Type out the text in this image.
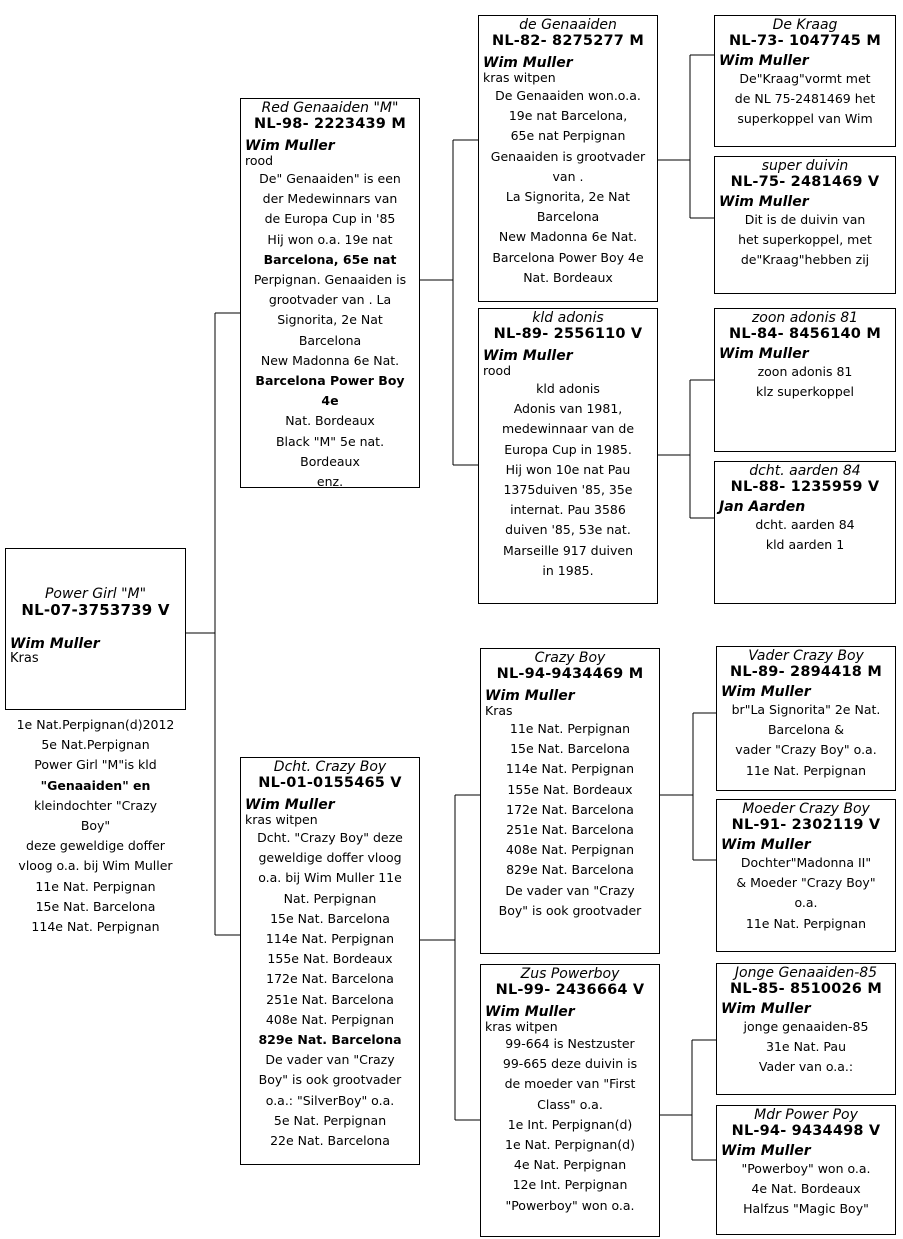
Power Girl "M"
NL-07-3753739 V
Wim Muller
Kras
1e Nat.Perpignan(d)2012
5e Nat.Perpignan
Power Girl "M"is kld
"Genaaiden" en
kleindochter "Crazy
Boy"
deze geweldige doffer
vloog o.a. bij Wim Muller
11e Nat. Perpignan
15e Nat. Barcelona
114e Nat. Perpignan
Red Genaaiden "M"
NL-98- 2223439 M
Wim Muller
rood
De" Genaaiden" is een
der Medewinnars van
de Europa Cup in '85
Hij won o.a. 19e nat
Barcelona, 65e nat
Perpignan. Genaaiden is
grootvader van . La
Signorita, 2e Nat
Barcelona
New Madonna 6e Nat.
Barcelona Power Boy 4e
Nat. Bordeaux
Black "M" 5e nat.
Bordeaux
enz.
Dcht. Crazy Boy
NL-01-0155465 V
Wim Muller
kras witpen
Dcht. "Crazy Boy" deze
geweldige doffer vloog
o.a. bij Wim Muller 11e
Nat. Perpignan
15e Nat. Barcelona
114e Nat. Perpignan
155e Nat. Bordeaux
172e Nat. Barcelona
251e Nat. Barcelona
408e Nat. Perpignan
829e Nat. Barcelona
De vader van "Crazy
Boy" is ook grootvader
o.a.: "SilverBoy" o.a.
5e Nat. Perpignan
22e Nat. Barcelona
de Genaaiden
NL-82- 8275277 M
Wim Muller
kras witpen
De Genaaiden won.o.a.
19e nat Barcelona,
65e nat Perpignan
Genaaiden is grootvader
van .
La Signorita, 2e Nat
Barcelona
New Madonna 6e Nat.
Barcelona Power Boy 4e
Nat. Bordeaux
kld adonis
NL-89- 2556110 V
Wim Muller
rood
kld adonis
Adonis van 1981,
medewinnaar van de
Europa Cup in 1985.
Hij won 10e nat Pau
1375duiven '85, 35e
internat. Pau 3586
duiven '85, 53e nat.
Marseille 917 duiven
in 1985.
Crazy Boy
NL-94-9434469 M
Wim Muller
Kras
11e Nat. Perpignan
15e Nat. Barcelona
114e Nat. Perpignan
155e Nat. Bordeaux
172e Nat. Barcelona
251e Nat. Barcelona
408e Nat. Perpignan
829e Nat. Barcelona
De vader van "Crazy
Boy" is ook grootvader
Zus Powerboy
NL-99- 2436664 V
Wim Muller
kras witpen
99-664 is Nestzuster
99-665 deze duivin is
de moeder van "First
Class" o.a.
1e Int. Perpignan(d)
1e Nat. Perpignan(d)
4e Nat. Perpignan
12e Int. Perpignan
"Powerboy" won o.a.
De Kraag
NL-73- 1047745 M
Wim Muller
De"Kraag"vormt met
de NL 75-2481469 het
superkoppel van Wim
super duivin
NL-75- 2481469 V
Wim Muller
Dit is de duivin van
het superkoppel, met
de"Kraag"hebben zij
zoon adonis 81
NL-84- 8456140 M
Wim Muller
zoon adonis 81
klz superkoppel
dcht. aarden 84
NL-88- 1235959 V
Jan Aarden
dcht. aarden 84
kld aarden 1
Vader Crazy Boy
NL-89- 2894418 M
Wim Muller
br"La Signorita" 2e Nat.
Barcelona &
vader "Crazy Boy" o.a.
11e Nat. Perpignan
Moeder Crazy Boy
NL-91- 2302119 V
Wim Muller
Dochter"Madonna II"
& Moeder "Crazy Boy"
o.a.
11e Nat. Perpignan
Jonge Genaaiden-85
NL-85- 8510026 M
Wim Muller
jonge genaaiden-85
31e Nat. Pau
Vader van o.a.:
Mdr Power Poy
NL-94- 9434498 V
Wim Muller
"Powerboy" won o.a.
4e Nat. Bordeaux
Halfzus "Magic Boy"
